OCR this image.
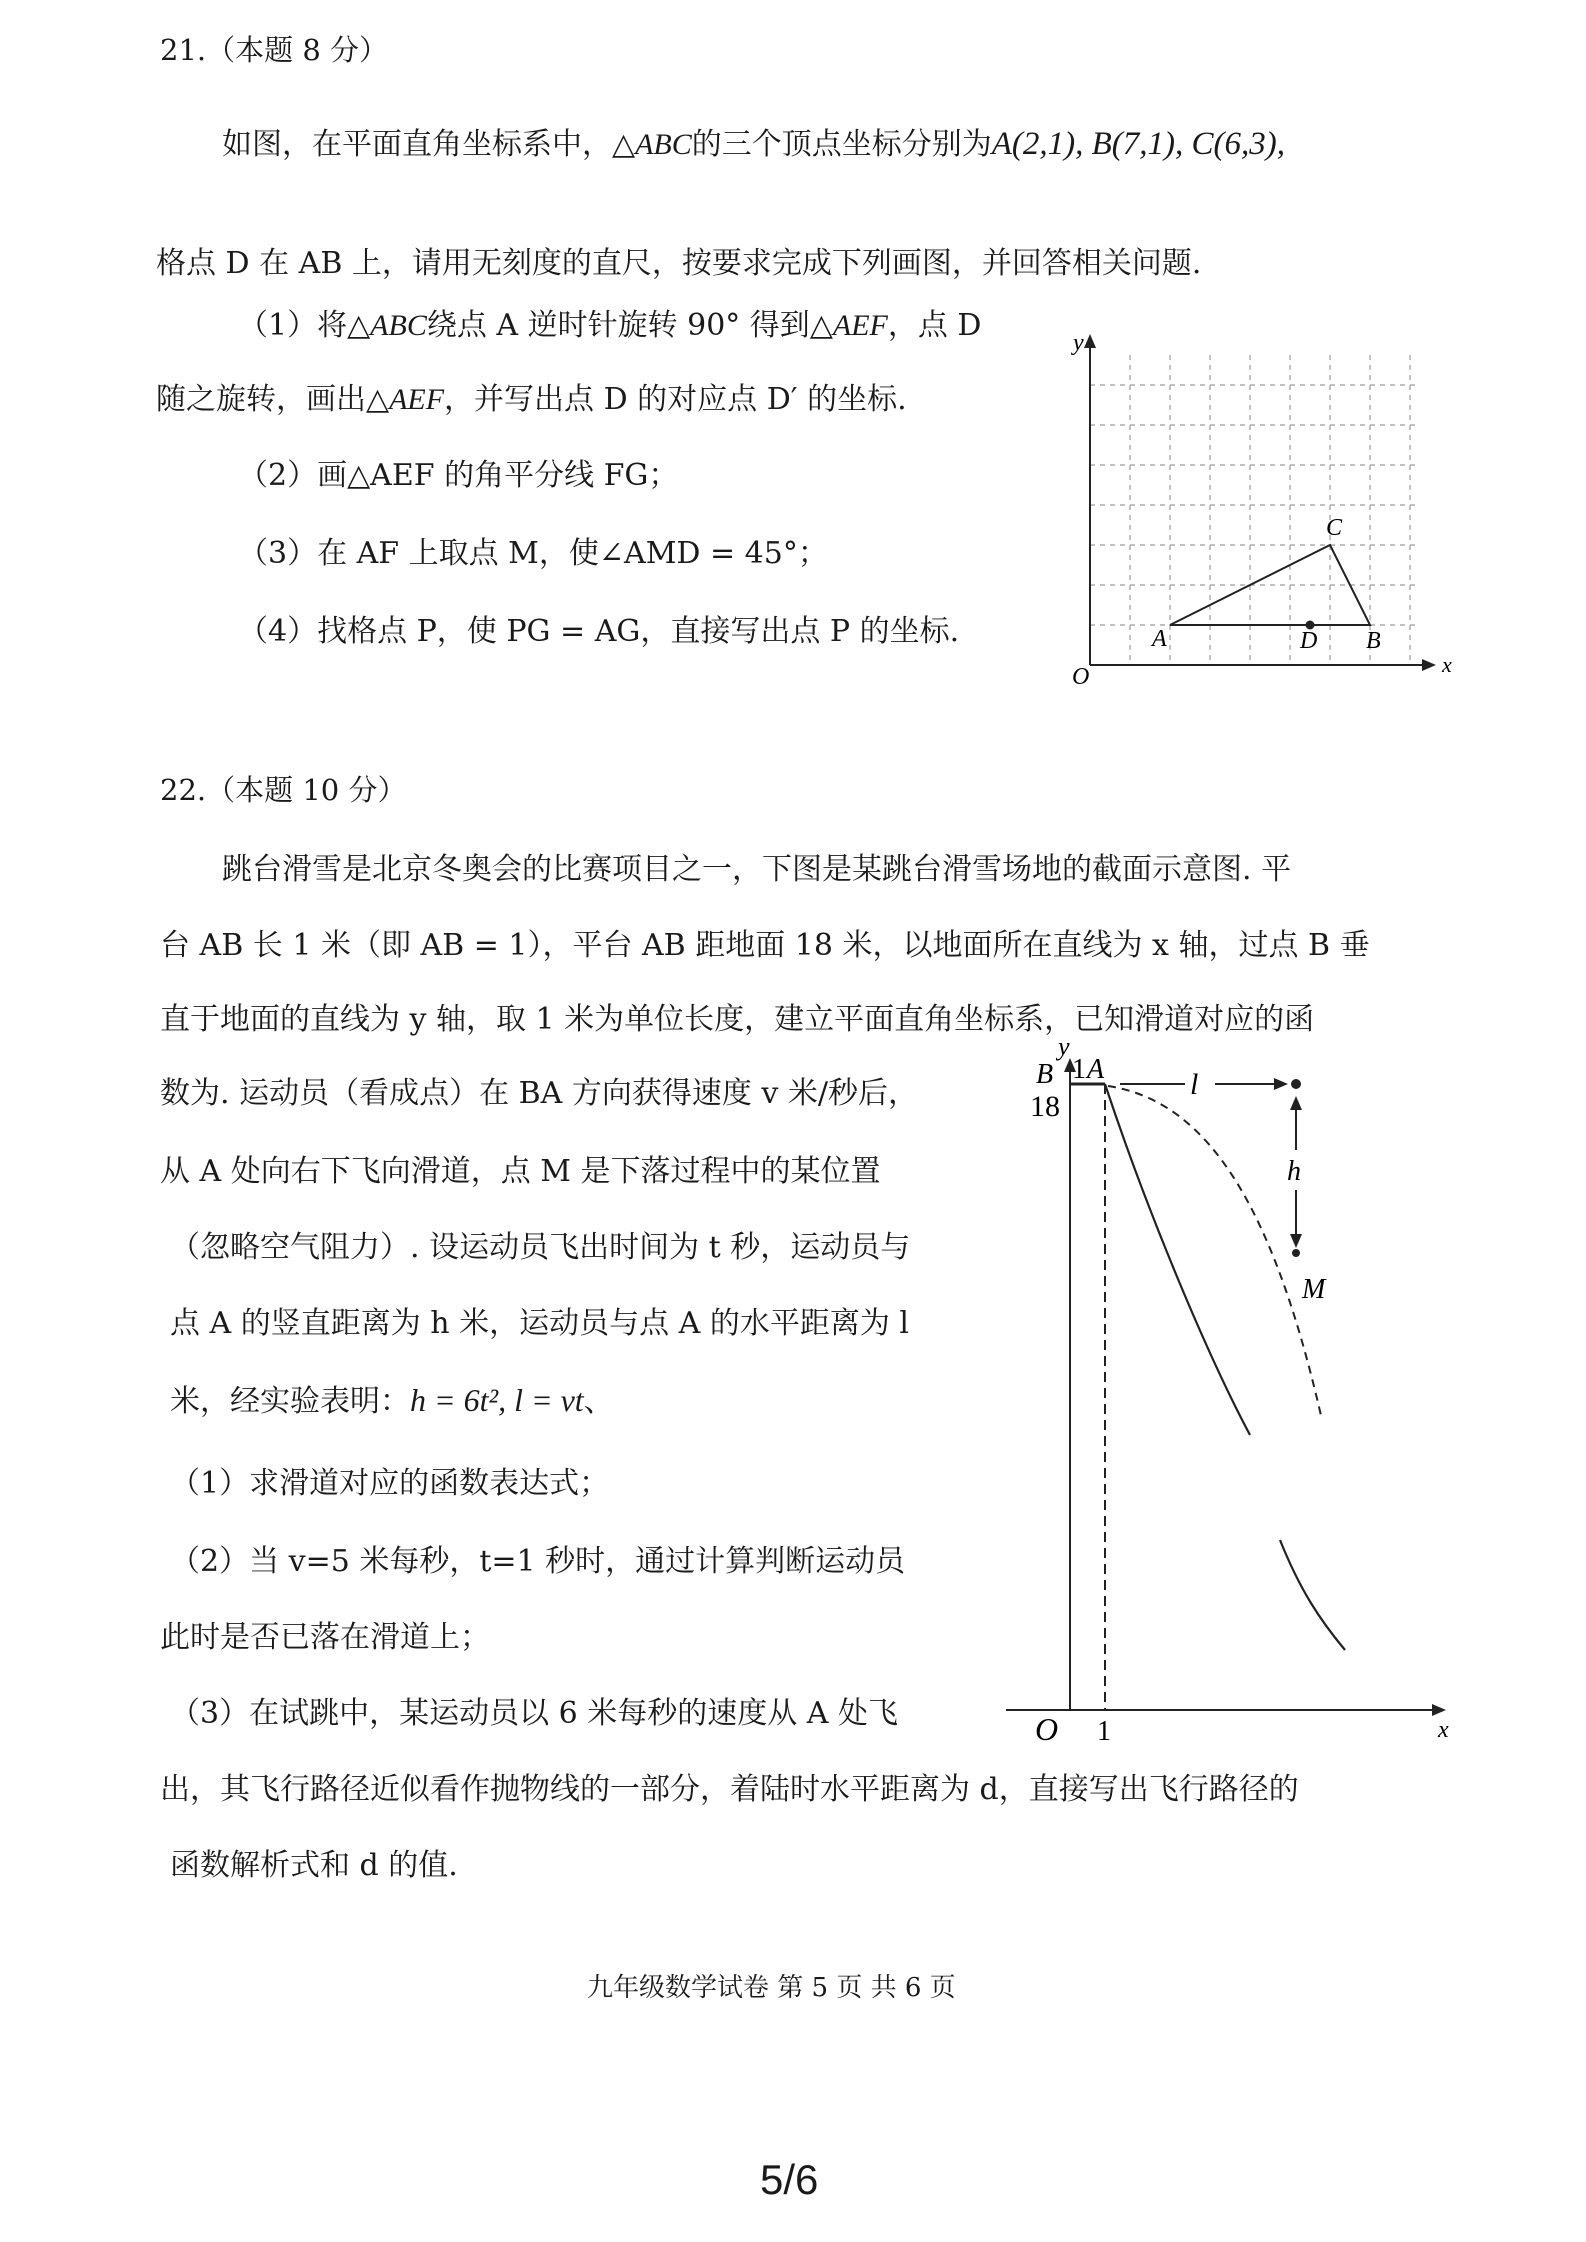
21.（本题 8 分）
如图，在平面直角坐标系中，△ABC的三个顶点坐标分别为A(2,1), B(7,1), C(6,3),
格点 D 在 AB 上，请用无刻度的直尺，按要求完成下列画图，并回答相关问题.
（1）将△ABC绕点 A 逆时针旋转 90° 得到△AEF，点 D
随之旋转，画出△AEF，并写出点 D 的对应点 D′ 的坐标.
（2）画△AEF 的角平分线 FG；
（3）在 AF 上取点 M，使∠AMD = 45°；
（4）找格点 P，使 PG = AG，直接写出点 P 的坐标.
y
x
O
A	D B
C
22.（本题 10 分）
跳台滑雪是北京冬奥会的比赛项目之一，下图是某跳台滑雪场地的截面示意图. 平
台 AB 长 1 米（即 AB = 1），平台 AB 距地面 18 米，以地面所在直线为 x 轴，过点 B 垂
直于地面的直线为 y 轴，取 1 米为单位长度，建立平面直角坐标系，已知滑道对应的函
数为. 运动员（看成点）在 BA 方向获得速度 v 米/秒后，
从 A 处向右下飞向滑道，点 M 是下落过程中的某位置
（忽略空气阻力）. 设运动员飞出时间为 t 秒，运动员与
点 A 的竖直距离为 h 米，运动员与点 A 的水平距离为 l
米，经实验表明：h = 6t², l = vt、
（1）求滑道对应的函数表达式；
（2）当 v=5 米每秒，t=1 秒时，通过计算判断运动员
此时是否已落在滑道上；
（3）在试跳中，某运动员以 6 米每秒的速度从 A 处飞
出，其飞行路径近似看作抛物线的一部分，着陆时水平距离为 d，直接写出飞行路径的
函数解析式和 d 的值.
y
B 1 A
18
l
h
M
O 1	x
九年级数学试卷 第 5 页 共 6 页
5/6
